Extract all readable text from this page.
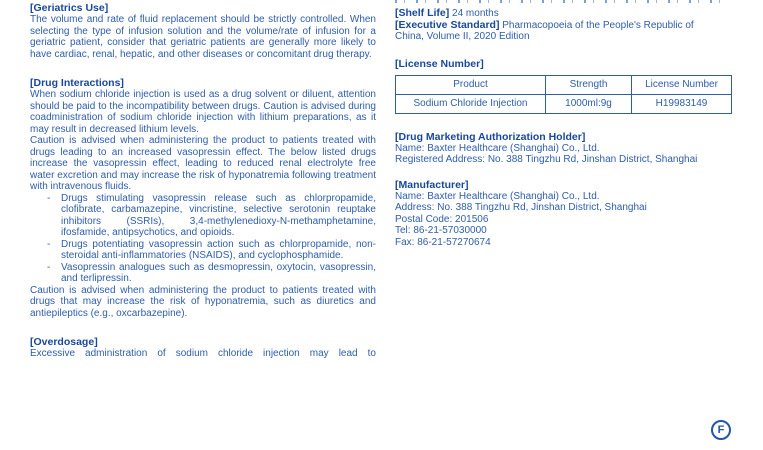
[Geriatrics Use]

The volume and rate of fluid replacement should be strictly controlled. When selecting the type of infusion solution and the volume/rate of infusion for a geriatric patient, consider that geriatric patients are generally more likely to have cardiac, renal, hepatic, and other diseases or concomitant drug therapy.

[Drug Interactions]

When sodium chloride injection is used as a drug solvent or diluent, attention should be paid to the incompatibility between drugs. Caution is advised during coadministration of sodium chloride injection with lithium preparations, as it may result in decreased lithium levels.

Caution is advised when administering the product to patients treated with drugs leading to an increased vasopressin effect. The below listed drugs increase the vasopressin effect, leading to reduced renal electrolyte free water excretion and may increase the risk of hyponatremia following treatment with intravenous fluids.

- Drugs stimulating vasopressin release such as chlorpropamide, clofibrate, carbamazepine, vincristine, selective serotonin reuptake inhibitors (SSRIs), 3,4-methylenedioxy-N-methamphetamine, ifosfamide, antipsychotics, and opioids.
- Drugs potentiating vasopressin action such as chlorpropamide, non-steroidal anti-inflammatories (NSAIDS), and cyclophosphamide.
- Vasopressin analogues such as desmopressin, oxytocin, vasopressin, and terlipressin.

Caution is advised when administering the product to patients treated with drugs that may increase the risk of hyponatremia, such as diuretics and antiepileptics (e.g., oxcarbazepine).

[Overdosage]

Excessive administration of sodium chloride injection may lead to

[Shelf Life] 24 months

[Executive Standard] Pharmacopoeia of the People's Republic of China, Volume II, 2020 Edition

[License Number]
Product	Strength	License Number
Sodium Chloride Injection	1000ml:9g	H19983149
[Drug Marketing Authorization Holder]

Name: Baxter Healthcare (Shanghai) Co., Ltd.

Registered Address: No. 388 Tingzhu Rd, Jinshan District, Shanghai

[Manufacturer]

Name: Baxter Healthcare (Shanghai) Co., Ltd.

Address: No. 388 Tingzhu Rd, Jinshan District, Shanghai

Postal Code: 201506

Tel: 86-21-57030000

Fax: 86-21-57270674

F
